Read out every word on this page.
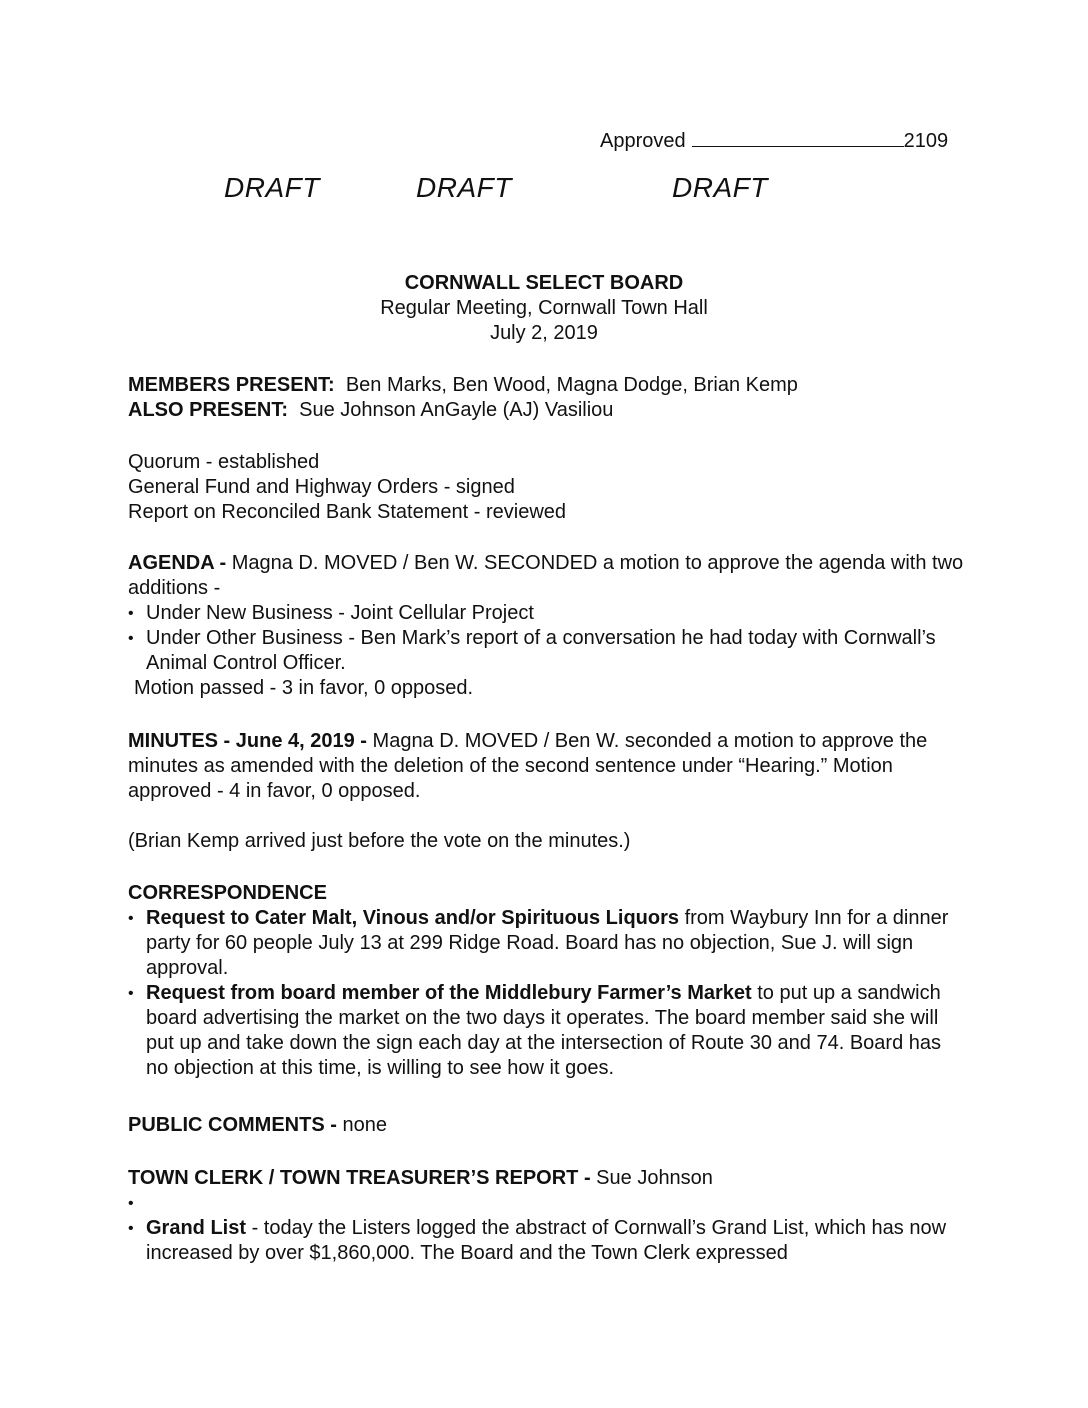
Approved	2109
DRAFT	DRAFT	DRAFT
CORNWALL SELECT BOARD
Regular Meeting, Cornwall Town Hall
July 2, 2019

MEMBERS PRESENT: Ben Marks, Ben Wood, Magna Dodge, Brian Kemp

ALSO PRESENT: Sue Johnson AnGayle (AJ) Vasiliou

Quorum - established

General Fund and Highway Orders - signed

Report on Reconciled Bank Statement - reviewed

AGENDA - Magna D. MOVED / Ben W. SECONDED a motion to approve the agenda with two additions -

• Under New Business - Joint Cellular Project
• Under Other Business - Ben Mark’s report of a conversation he had today with Cornwall’s Animal Control Officer.

Motion passed - 3 in favor, 0 opposed.

MINUTES - June 4, 2019 - Magna D. MOVED / Ben W. seconded a motion to approve the minutes as amended with the deletion of the second sentence under “Hearing.” Motion approved - 4 in favor, 0 opposed.

(Brian Kemp arrived just before the vote on the minutes.)

CORRESPONDENCE

• Request to Cater Malt, Vinous and/or Spirituous Liquors from Waybury Inn for a dinner party for 60 people July 13 at 299 Ridge Road. Board has no objection, Sue J. will sign approval.
• Request from board member of the Middlebury Farmer’s Market to put up a sandwich board advertising the market on the two days it operates. The board member said she will put up and take down the sign each day at the intersection of Route 30 and 74. Board has no objection at this time, is willing to see how it goes.

PUBLIC COMMENTS - none

TOWN CLERK / TOWN TREASURER’S REPORT - Sue Johnson

•
• Grand List - today the Listers logged the abstract of Cornwall’s Grand List, which has now increased by over $1,860,000. The Board and the Town Clerk expressed
